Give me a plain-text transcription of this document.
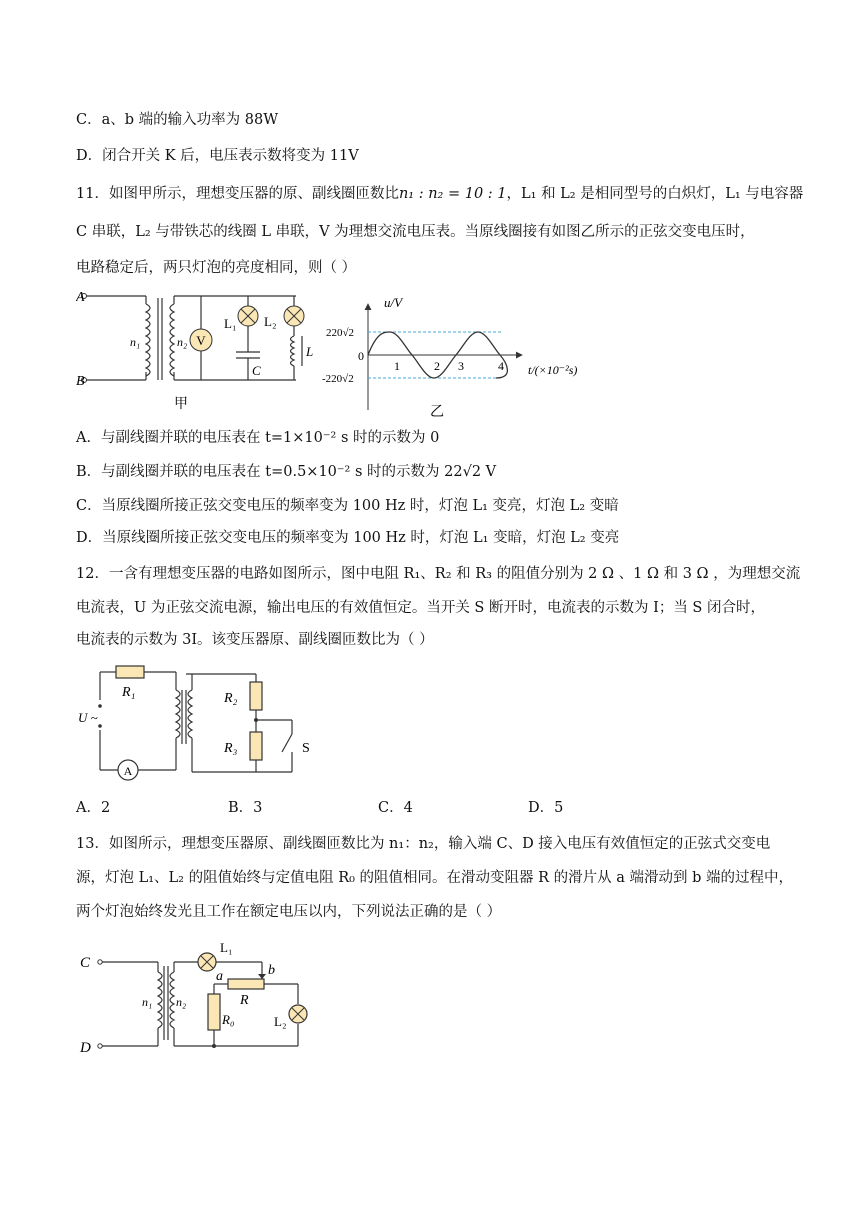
C．a、b 端的输入功率为 88W
D．闭合开关 K 后，电压表示数将变为 11V
11．如图甲所示，理想变压器的原、副线圈匝数比n₁ : n₂ = 10 : 1，L₁ 和 L₂ 是相同型号的白炽灯，L₁ 与电容器
C 串联，L₂ 与带铁芯的线圈 L 串联，V 为理想交流电压表。当原线圈接有如图乙所示的正弦交变电压时，
电路稳定后，两只灯泡的亮度相同，则（ ）
V
A
B
n₁	n₂
L₁ L₂
C
L
甲
u/V
220√2
0
-220√2
1	2 3	4 t/(×10⁻²s)
乙
A．与副线圈并联的电压表在 t=1×10⁻² s 时的示数为 0
B．与副线圈并联的电压表在 t=0.5×10⁻² s 时的示数为 22√2 V
C．当原线圈所接正弦交变电压的频率变为 100 Hz 时，灯泡 L₁ 变亮，灯泡 L₂ 变暗
D．当原线圈所接正弦交变电压的频率变为 100 Hz 时，灯泡 L₁ 变暗，灯泡 L₂ 变亮
12．一含有理想变压器的电路如图所示，图中电阻 R₁、R₂ 和 R₃ 的阻值分别为 2 Ω 、1 Ω 和 3 Ω ，为理想交流
电流表，U 为正弦交流电源，输出电压的有效值恒定。当开关 S 断开时，电流表的示数为 I；当 S 闭合时，
电流表的示数为 3I。该变压器原、副线圈匝数比为（ ）
A
R₁
U ~
R₂
R₃	S
A．2	B．3	C．4	D．5
13．如图所示，理想变压器原、副线圈匝数比为 n₁：n₂，输入端 C、D 接入电压有效值恒定的正弦式交变电
源，灯泡 L₁、L₂ 的阻值始终与定值电阻 R₀ 的阻值相同。在滑动变阻器 R 的滑片从 a 端滑动到 b 端的过程中，
两个灯泡始终发光且工作在额定电压以内，下列说法正确的是（ ）
C
D
n₁ n₂
L₁
L₂
a	b
R
R₀
